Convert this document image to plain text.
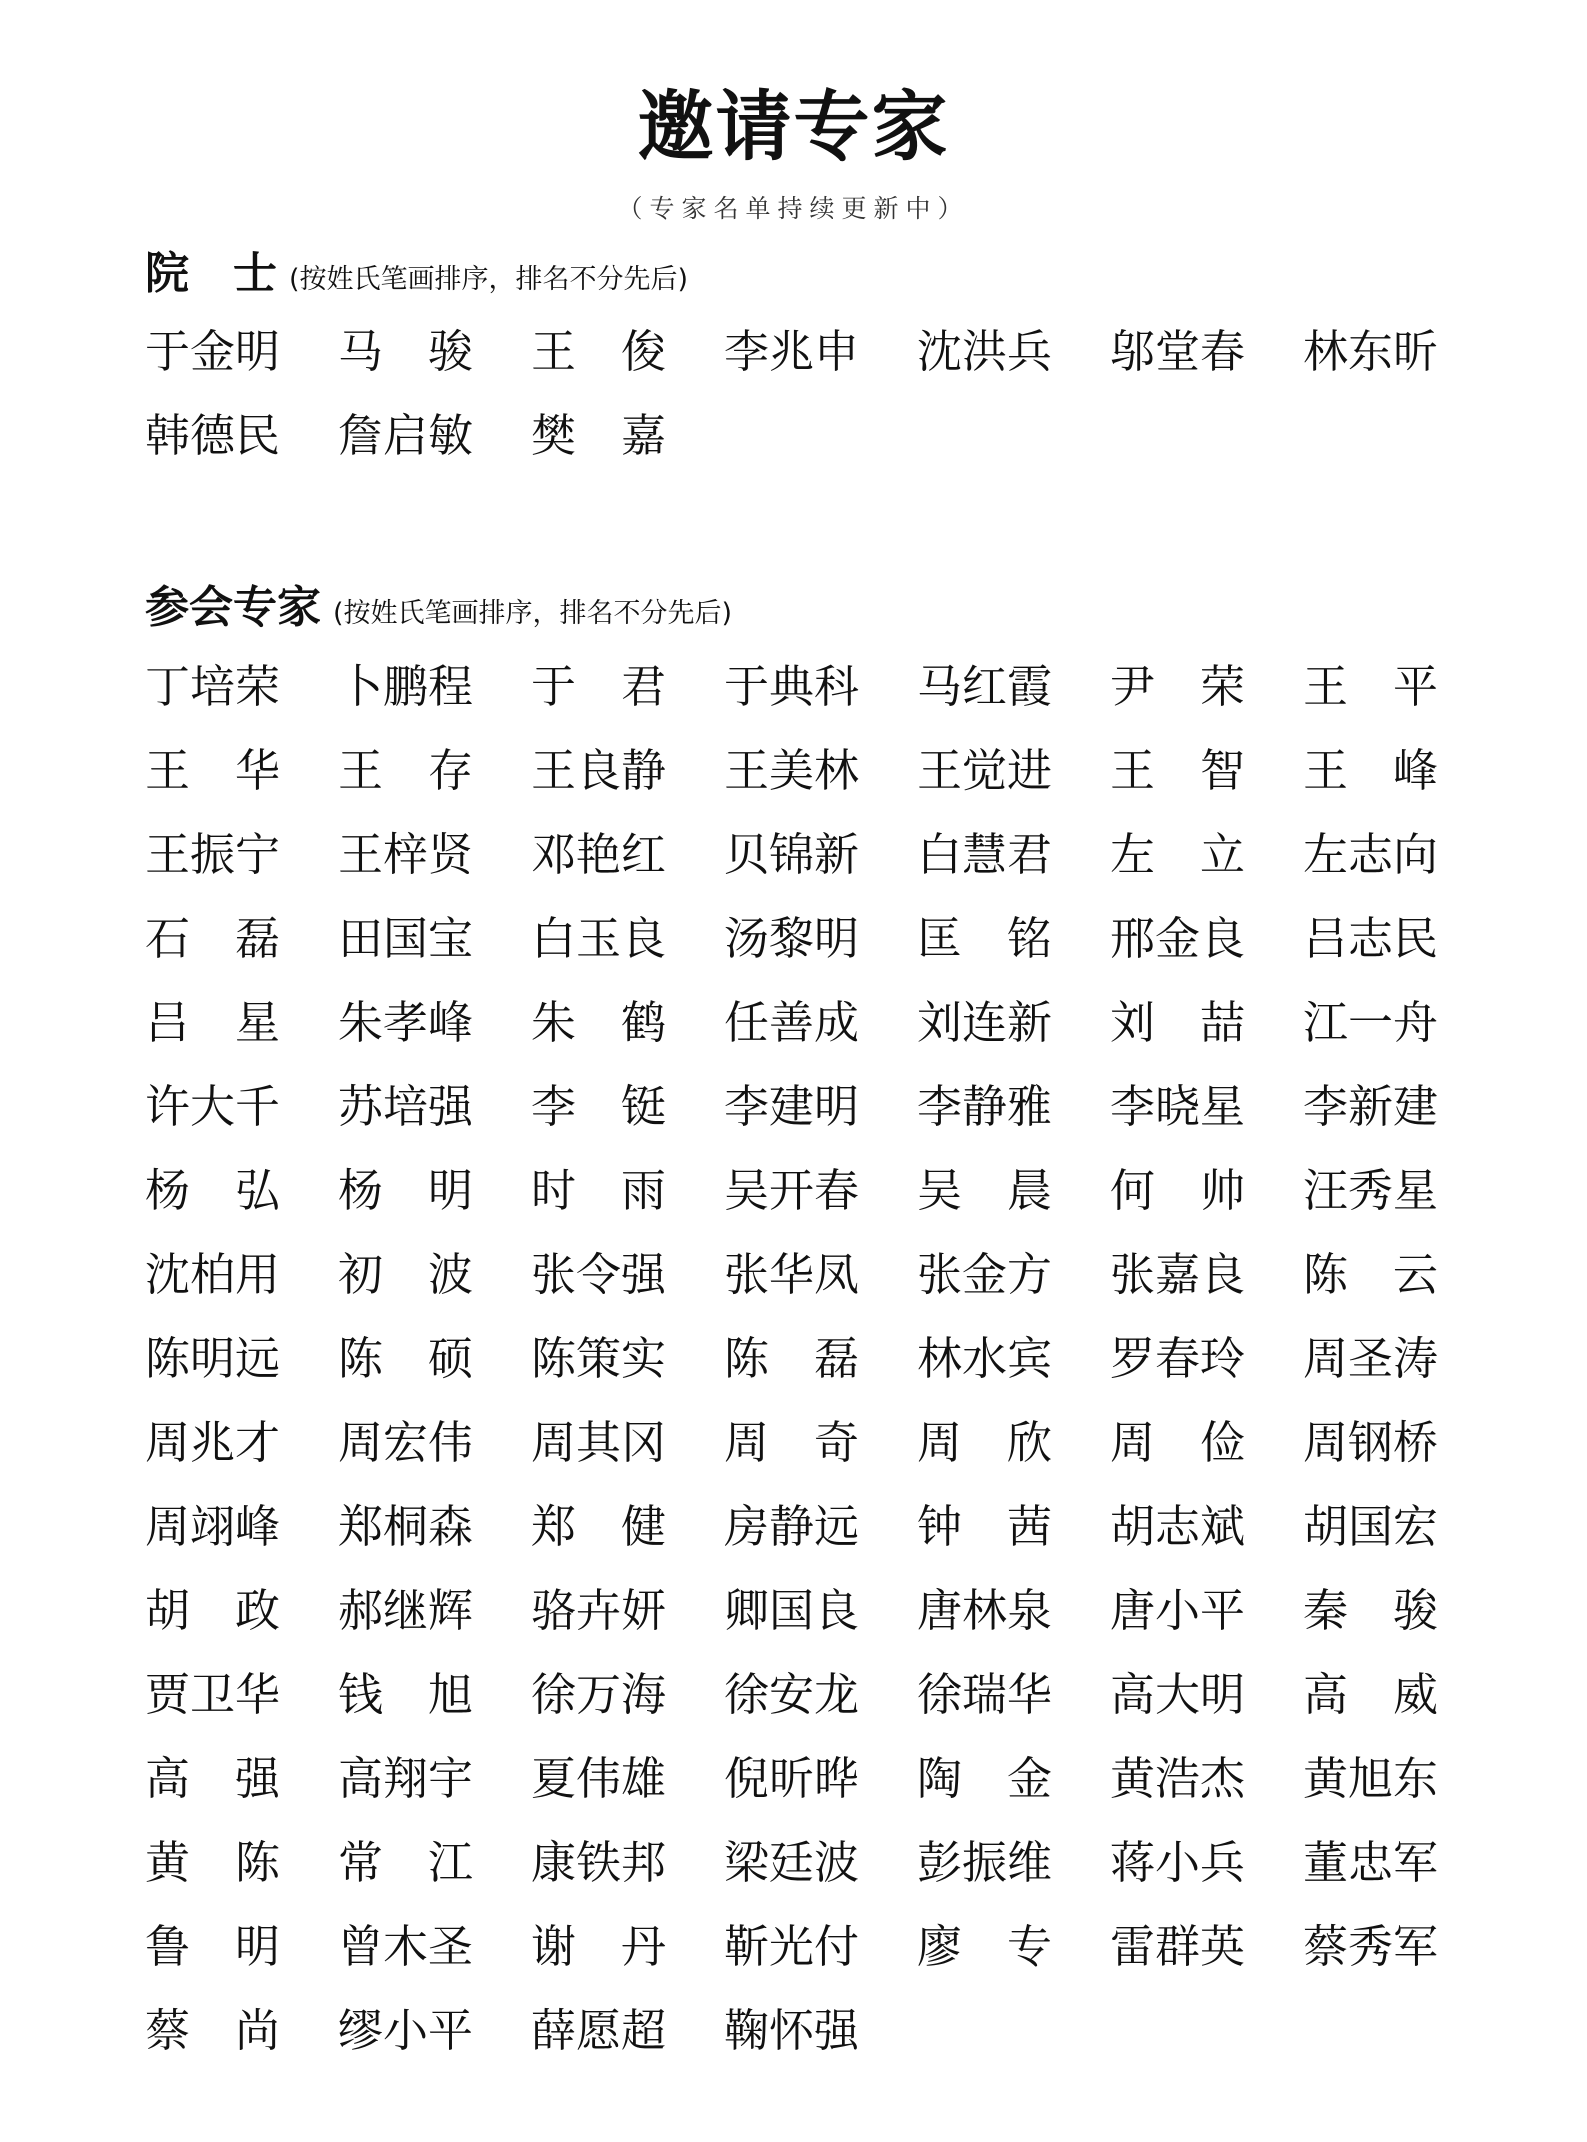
邀请专家
（专家名单持续更新中）
院　士 (按姓氏笔画排序，排名不分先后)
于金明 马　骏 王　俊 李兆申 沈洪兵 邬堂春 林东昕
韩德民 詹启敏 樊　嘉
参会专家 (按姓氏笔画排序，排名不分先后)
丁培荣 卜鹏程 于　君 于典科 马红霞 尹　荣 王　平
王　华 王　存 王良静 王美林 王觉进 王　智 王　峰
王振宁 王梓贤 邓艳红 贝锦新 白慧君 左　立 左志向
石　磊 田国宝 白玉良 汤黎明 匡　铭 邢金良 吕志民
吕　星 朱孝峰 朱　鹤 任善成 刘连新 刘　喆 江一舟
许大千 苏培强 李　铤 李建明 李静雅 李晓星 李新建
杨　弘 杨　明 时　雨 吴开春 吴　晨 何　帅 汪秀星
沈柏用 初　波 张令强 张华凤 张金方 张嘉良 陈　云
陈明远 陈　硕 陈策实 陈　磊 林水宾 罗春玲 周圣涛
周兆才 周宏伟 周其冈 周　奇 周　欣 周　俭 周钢桥
周翊峰 郑桐森 郑　健 房静远 钟　茜 胡志斌 胡国宏
胡　政 郝继辉 骆卉妍 卿国良 唐林泉 唐小平 秦　骏
贾卫华 钱　旭 徐万海 徐安龙 徐瑞华 高大明 高　威
高　强 高翔宇 夏伟雄 倪昕晔 陶　金 黄浩杰 黄旭东
黄　陈 常　江 康铁邦 梁廷波 彭振维 蒋小兵 董忠军
鲁　明 曾木圣 谢　丹 靳光付 廖　专 雷群英 蔡秀军
蔡　尚 缪小平 薛愿超 鞠怀强
